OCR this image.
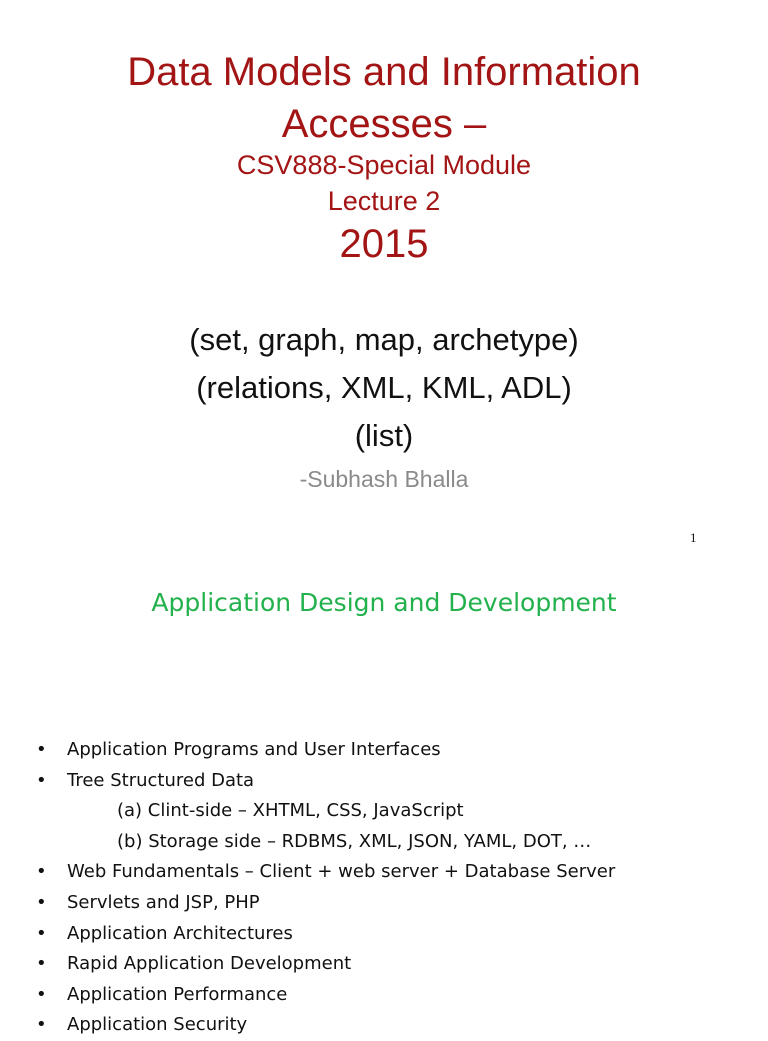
Data Models and Information
Accesses –
CSV888-Special Module
Lecture 2
2015
(set, graph, map, archetype)
(relations, XML, KML, ADL)
(list)
-Subhash Bhalla
1
Application Design and Development
• Application Programs and User Interfaces
• Tree Structured Data
(a) Clint-side – XHTML, CSS, JavaScript
(b) Storage side – RDBMS, XML, JSON, YAML, DOT, …
• Web Fundamentals – Client + web server + Database Server
• Servlets and JSP, PHP
• Application Architectures
• Rapid Application Development
• Application Performance
• Application Security
